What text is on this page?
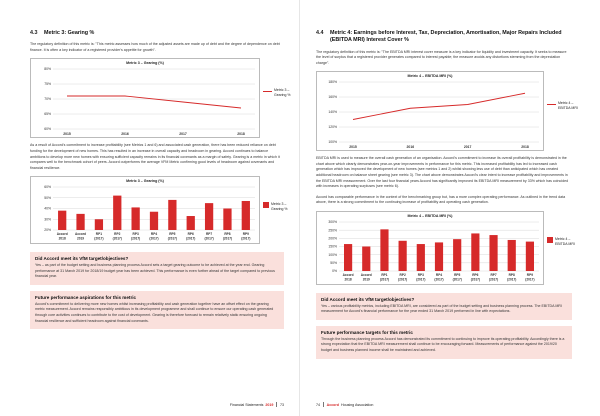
4.3	Metric 3: Gearing %
The regulatory definition of this metric is: "This metric assesses how much of the adjusted assets are made up of debt and the degree of dependence on debt finance. It is often a key indicator of a registered provider's appetite for growth".
Metric 3 – Gearing (%)
60%
65%
70%
75%
80%
2015	2016	2017	2018
Metric 3 – Gearing %
As a result of Accord's commitment to increase profitability (see Metrics 1 and 6) and associated cash generation, there has been reduced reliance on debt funding for the development of new homes. This has resulted in an increase in overall capacity and headroom in gearing. Accord continues to balance ambitions to develop more new homes with ensuring sufficient capacity remains in its financial covenants as a margin of safety. Gearing is a metric in which it compares well to the benchmark cohort of peers. Accord outperforms the average VFM Metric confirming good levels of headroom against covenants and financial resilience.
Metric 3 – Gearing (%)
20%
30%
40%
50%
60%
Accord
2018
Accord
2019
RP1
(2017)
RP2
(2017)
RP3
(2017)
RP4
(2017)
RP5
(2017)
RP6
(2017)
RP7
(2017)
RP8
(2017)
RP9
(2017)
Metric 3 – Gearing %
Did Accord meet its VfM target/objectives?
Yes – as part of the budget setting and business planning process Accord sets a target gearing outcome to be achieved at the year end. Gearing performance at 31 March 2019 for 2018/19 budget year has been achieved. This performance is even further ahead of the target compared to previous financial year.
Future performance aspirations for this metric
Accord's commitment to delivering more new homes whilst increasing profitability and cash generation together have an offset effect on the gearing metric measurement. Accord remains responsibly ambitious in its development programme and shall continue to ensure our operating cash generated through core activities continues to contribute to the cost of development. Gearing is therefore forecast to remain relatively static ensuring ongoing financial resilience and sufficient headroom against financial covenants.
Financial Statements 2019 73
4.4	Metric 4: Earnings before Interest, Tax, Depreciation, Amortisation, Major Repairs Included (EBITDA MRI) Interest Cover %
The regulatory definition of this metric is: "The EBITDA MRI interest cover measure is a key indicator for liquidity and investment capacity. It seeks to measure the level of surplus that a registered provider generates compared to interest payable; the measure avoids any distortions stemming from the depreciation charge".
Metric 4 – EBITDA MRI (%)
100%
120%
140%
160%
180%
2015	2016	2017	2018
Metric 4 – EBITDA MRI
EBITDA MRI is used to measure the overall cash generation of an organisation. Accord's commitment to increase its overall profitability is demonstrated in the chart above which clearly demonstrates year-on-year improvements in performance for this metric. This increased profitability has led to increased cash generation which has improved the development of new homes (see metrics 1 and 2) whilst showing less use of debt than anticipated which has created additional headroom on balance sheet gearing (see metric 3). The chart above demonstrates Accord's clear intent to increase profitability and improvements in the EBITDA MRI measurement. Over the last four financial years Accord has significantly improved its EBITDA MRI measurement by 33% which has coincided with increases in operating surpluses (see metric 6).
Accord has comparable performance in the context of the benchmarking group but, has a more complex operating performance. As outlined in the trend data above, there is a strong commitment to the continuing increase of profitability and operating cash generation.
Metric 4 – EBITDA MRI (%)
0%
50%
100%
150%
200%
250%
300%
Accord
2018
Accord
2019
RP1
(2017)
RP2
(2017)
RP3
(2017)
RP4
(2017)
RP5
(2017)
RP6
(2017)
RP7
(2017)
RP8
(2017)
RP9
(2017)
Metric 4 – EBITDA MRI
Did Accord meet its VfM target/objectives?
Yes – various profitability metrics, including EBITDA MRI, are considered as part of the budget setting and business planning process. The EBITDA MRI measurement for Accord's financial performance for the year ended 31 March 2019 performed in line with expectations.
Future performance targets for this metric
Through the business planning process Accord has demonstrated its commitment to continuing to improve its operating profitability. Accordingly there is a strong expectation that the EBITDA MRI measurement shall continue to be encouraging forward. Measurements of performance against the 2019/20 budget and business planned income shall be maintained and achieved.
74 Accord Housing Association
